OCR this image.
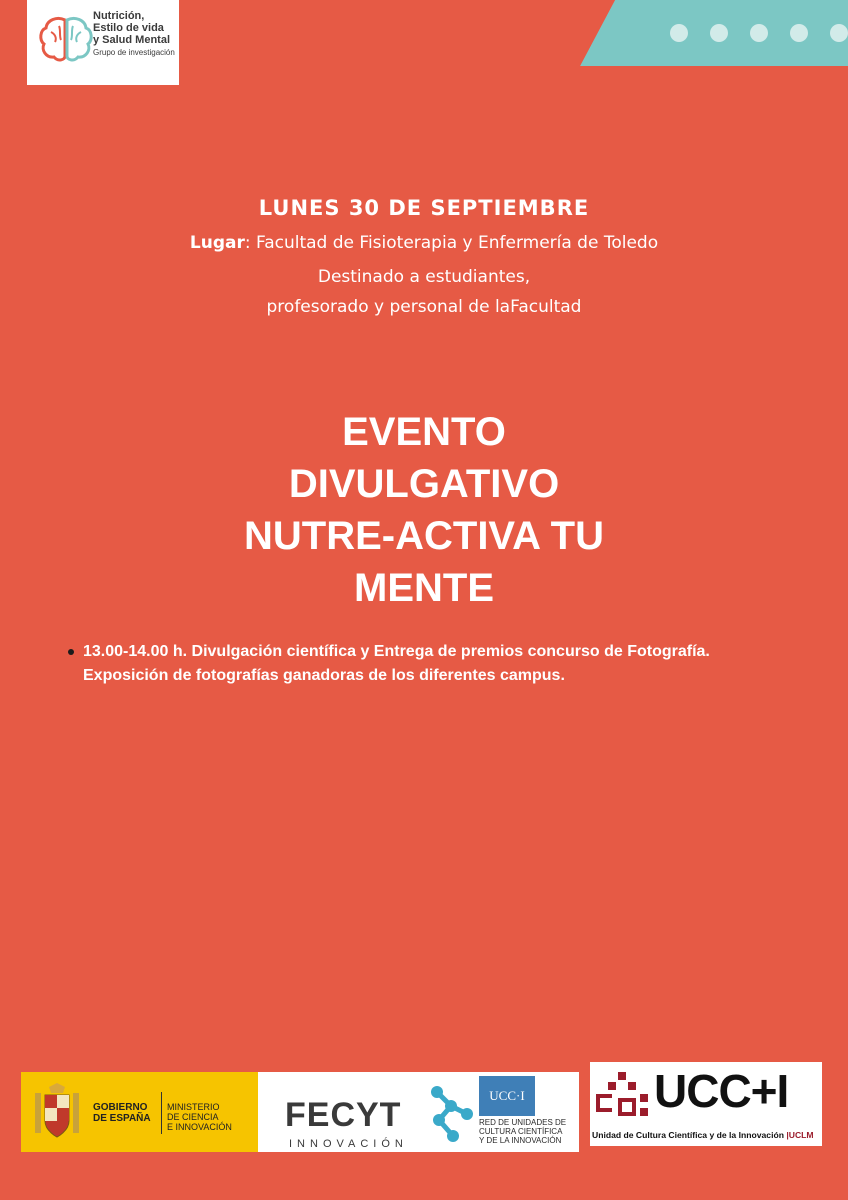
Nutrición,
Estilo de vida
y Salud Mental
Grupo de investigación
LUNES 30 DE SEPTIEMBRE
Lugar: Facultad de Fisioterapia y Enfermería de Toledo
Destinado a estudiantes,
profesorado y personal de laFacultad
EVENTO
DIVULGATIVO
NUTRE-ACTIVA TU
MENTE
13.00-14.00 h. Divulgación científica y Entrega de premios concurso de Fotografía.
Exposición de fotografías ganadoras de los diferentes campus.
GOBIERNO
DE ESPAÑA
MINISTERIO
DE CIENCIA
E INNOVACIÓN FECYT
INNOVACIÓN
UCC·I
RED DE UNIDADES DE
CULTURA CIENTÍFICA
Y DE LA INNOVACIÓN
UCC+I
Unidad de Cultura Científica y de la Innovación |UCLM
